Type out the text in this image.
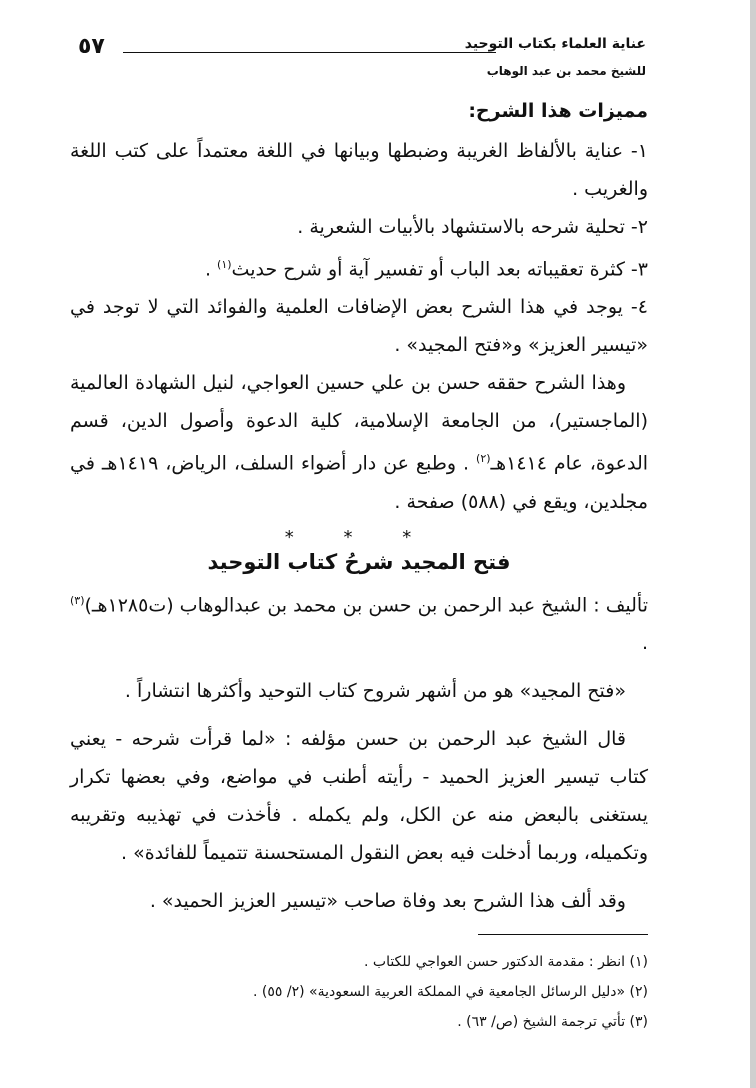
٥٧	عناية العلماء بكتاب التوحيد
للشيخ محمد بن عبد الوهاب
مميزات هذا الشرح:

١- عناية بالألفاظ الغريبة وضبطها وبيانها في اللغة معتمداً على كتب اللغة والغريب .

٢- تحلية شرحه بالاستشهاد بالأبيات الشعرية .

٣- كثرة تعقيباته بعد الباب أو تفسير آية أو شرح حديث$^{(١)}$ .

٤- يوجد في هذا الشرح بعض الإضافات العلمية والفوائد التي لا توجد في «تيسير العزيز» و«فتح المجيد» .

وهذا الشرح حققه حسن بن علي حسين العواجي، لنيل الشهادة العالمية (الماجستير)، من الجامعة الإسلامية، كلية الدعوة وأصول الدين، قسم الدعوة، عام ١٤١٤هـ$^{(٢)}$ . وطبع عن دار أضواء السلف، الرياض، ١٤١٩هـ في مجلدين، ويقع في (٥٨٨) صفحة .

* * *
فتح المجيد شرحُ كتاب التوحيد

تأليف : الشيخ عبد الرحمن بن حسن بن محمد بن عبدالوهاب (ت١٢٨٥هـ)$^{(٣)}$ .

«فتح المجيد» هو من أشهر شروح كتاب التوحيد وأكثرها انتشاراً .

قال الشيخ عبد الرحمن بن حسن مؤلفه : «لما قرأت شرحه - يعني كتاب تيسير العزيز الحميد - رأيته أطنب في مواضع، وفي بعضها تكرار يستغنى بالبعض منه عن الكل، ولم يكمله . فأخذت في تهذيبه وتقريبه وتكميله، وربما أدخلت فيه بعض النقول المستحسنة تتميماً للفائدة» .

وقد ألف هذا الشرح بعد وفاة صاحب «تيسير العزيز الحميد» .

(١) انظر : مقدمة الدكتور حسن العواجي للكتاب .

(٢) «دليل الرسائل الجامعية في المملكة العربية السعودية» (٢/ ٥٥) .

(٣) تأتي ترجمة الشيخ (ص/ ٦٣) .
